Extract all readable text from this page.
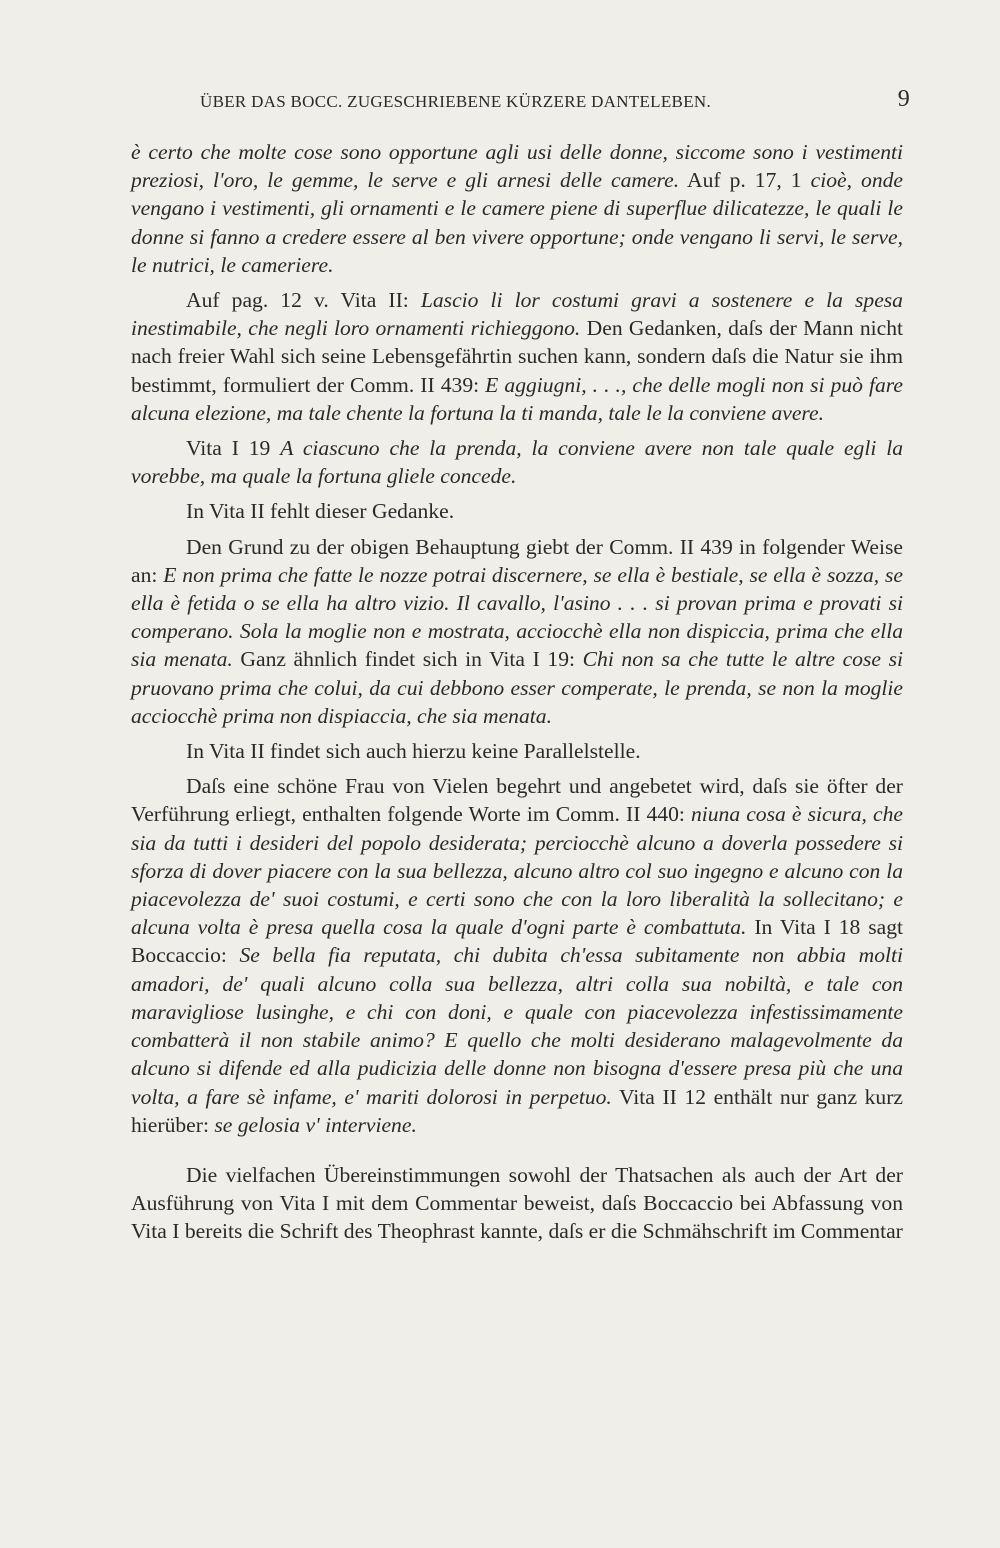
ÜBER DAS BOCC. ZUGESCHRIEBENE KÜRZERE DANTELEBEN.	9

è certo che molte cose sono opportune agli usi delle donne, siccome sono i vestimenti preziosi, l'oro, le gemme, le serve e gli arnesi delle camere. Auf p. 17, 1 cioè, onde vengano i vestimenti, gli ornamenti e le camere piene di superflue dilicatezze, le quali le donne si fanno a credere essere al ben vivere opportune; onde vengano li servi, le serve, le nutrici, le cameriere.

Auf pag. 12 v. Vita II: Lascio li lor costumi gravi a sostenere e la spesa inestimabile, che negli loro ornamenti richieggono. Den Gedanken, daſs der Mann nicht nach freier Wahl sich seine Lebensgefährtin suchen kann, sondern daſs die Natur sie ihm bestimmt, formuliert der Comm. II 439: E aggiugni, . . ., che delle mogli non si può fare alcuna elezione, ma tale chente la fortuna la ti manda, tale le la conviene avere.

Vita I 19 A ciascuno che la prenda, la conviene avere non tale quale egli la vorebbe, ma quale la fortuna gliele concede.

In Vita II fehlt dieser Gedanke.

Den Grund zu der obigen Behauptung giebt der Comm. II 439 in folgender Weise an: E non prima che fatte le nozze potrai discernere, se ella è bestiale, se ella è sozza, se ella è fetida o se ella ha altro vizio. Il cavallo, l'asino . . . si provan prima e provati si comperano. Sola la moglie non e mostrata, acciocchè ella non dispiccia, prima che ella sia menata. Ganz ähnlich findet sich in Vita I 19: Chi non sa che tutte le altre cose si pruovano prima che colui, da cui debbono esser comperate, le prenda, se non la moglie acciocchè prima non dispiaccia, che sia menata.

In Vita II findet sich auch hierzu keine Parallelstelle.

Daſs eine schöne Frau von Vielen begehrt und angebetet wird, daſs sie öfter der Verführung erliegt, enthalten folgende Worte im Comm. II 440: niuna cosa è sicura, che sia da tutti i desideri del popolo desiderata; perciocchè alcuno a doverla possedere si sforza di dover piacere con la sua bellezza, alcuno altro col suo ingegno e alcuno con la piacevolezza de' suoi costumi, e certi sono che con la loro liberalità la sollecitano; e alcuna volta è presa quella cosa la quale d'ogni parte è combattuta. In Vita I 18 sagt Boccaccio: Se bella fia reputata, chi dubita ch'essa subitamente non abbia molti amadori, de' quali alcuno colla sua bellezza, altri colla sua nobiltà, e tale con maravigliose lusinghe, e chi con doni, e quale con piacevolezza infestissimamente combatterà il non stabile animo? E quello che molti desiderano malagevolmente da alcuno si difende ed alla pudicizia delle donne non bisogna d'essere presa più che una volta, a fare sè infame, e' mariti dolorosi in perpetuo. Vita II 12 enthält nur ganz kurz hierüber: se gelosia v' interviene.

Die vielfachen Übereinstimmungen sowohl der Thatsachen als auch der Art der Ausführung von Vita I mit dem Commentar beweist, daſs Boccaccio bei Abfassung von Vita I bereits die Schrift des Theophrast kannte, daſs er die Schmähschrift im Commentar
